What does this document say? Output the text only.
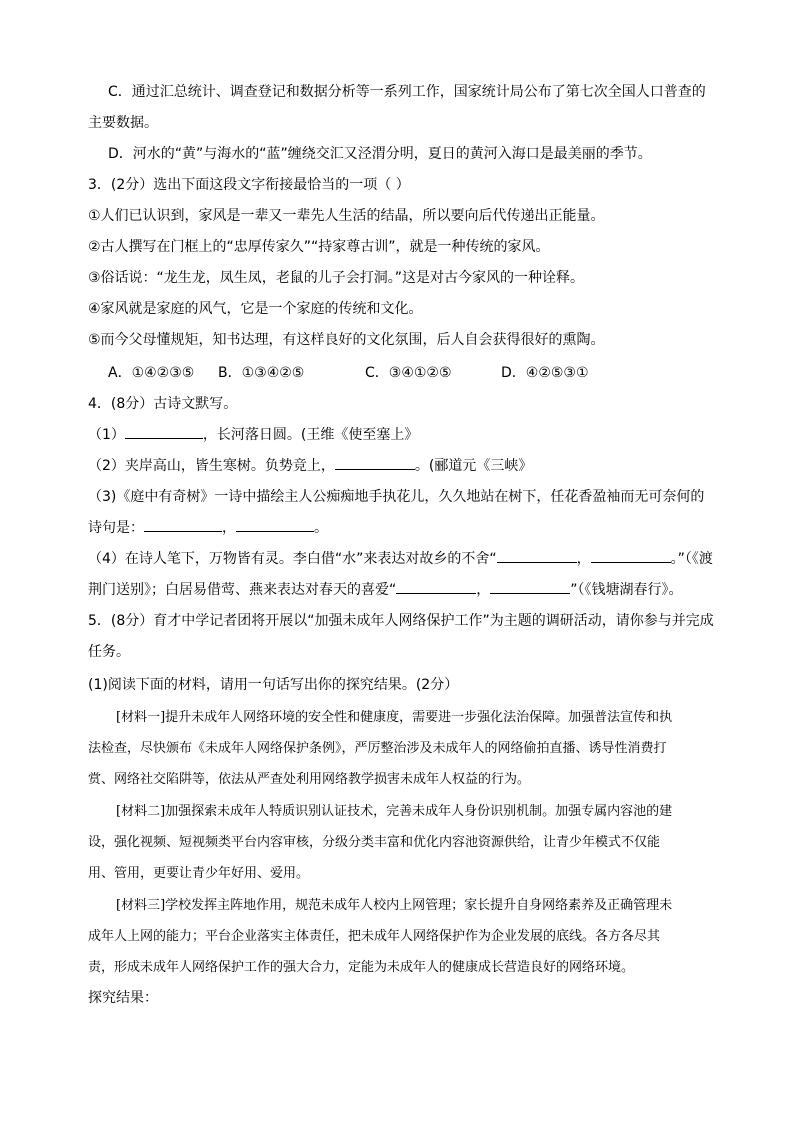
C．通过汇总统计、调查登记和数据分析等一系列工作，国家统计局公布了第七次全国人口普查的
主要数据。
D．河水的“黄”与海水的“蓝”缠绕交汇又泾渭分明，夏日的黄河入海口是最美丽的季节。
3．(2分）选出下面这段文字衔接最恰当的一项（ ）
①人们已认识到，家风是一辈又一辈先人生活的结晶，所以要向后代传递出正能量。
②古人撰写在门框上的“忠厚传家久”“持家尊古训”，就是一种传统的家风。
③俗话说：“龙生龙，凤生凤，老鼠的儿子会打洞。”这是对古今家风的一种诠释。
④家风就是家庭的风气，它是一个家庭的传统和文化。
⑤而今父母懂规矩，知书达理，有这样良好的文化氛围，后人自会获得很好的熏陶。
A．①④②③⑤ B．①③④②⑤	C．③④①②⑤	D．④②⑤③①
4．(8分）古诗文默写。
（1）	，长河落日圆。(王维《使至塞上》
（2）夹岸高山，皆生寒树。负势竞上，	。(郦道元《三峡》
（3)《庭中有奇树》一诗中描绘主人公痴痴地手执花儿，久久地站在树下，任花香盈袖而无可奈何的
诗句是：	，	。
（4）在诗人笔下，万物皆有灵。李白借“水”来表达对故乡的不舍“	，	。”（《渡
荆门送别》；白居易借莺、燕来表达对春天的喜爱“	，	”（《钱塘湖春行》。
5．(8分）育才中学记者团将开展以“加强未成年人网络保护工作”为主题的调研活动，请你参与并完成
任务。
(1)阅读下面的材料，请用一句话写出你的探究结果。(2分）
[材料一]提升未成年人网络环境的安全性和健康度，需要进一步强化法治保障。加强普法宣传和执
法检查，尽快颁布《未成年人网络保护条例》，严厉整治涉及未成年人的网络偷拍直播、诱导性消费打
赏、网络社交陷阱等，依法从严查处利用网络教学损害未成年人权益的行为。
[材料二]加强探索未成年人特质识别认证技术，完善未成年人身份识别机制。加强专属内容池的建
设，强化视频、短视频类平台内容审核，分级分类丰富和优化内容池资源供给，让青少年模式不仅能
用、管用，更要让青少年好用、爱用。
[材料三]学校发挥主阵地作用，规范未成年人校内上网管理；家长提升自身网络素养及正确管理未
成年人上网的能力；平台企业落实主体责任，把未成年人网络保护作为企业发展的底线。各方各尽其
责，形成未成年人网络保护工作的强大合力，定能为未成年人的健康成长营造良好的网络环境。
探究结果：
